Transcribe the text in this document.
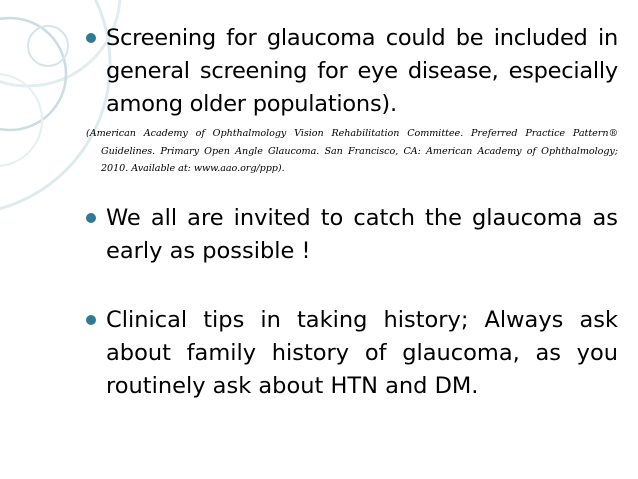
Screening for glaucoma could be included in general screening for eye disease, especially among older populations).
(American Academy of Ophthalmology Vision Rehabilitation Committee. Preferred Practice Pattern® Guidelines. Primary Open Angle Glaucoma. San Francisco, CA: American Academy of Ophthalmology; 2010. Available at: www.aao.org/ppp).
We all are invited to catch the glaucoma as early as possible !
Clinical tips in taking history; Always ask about family history of glaucoma, as you routinely ask about HTN and DM.
